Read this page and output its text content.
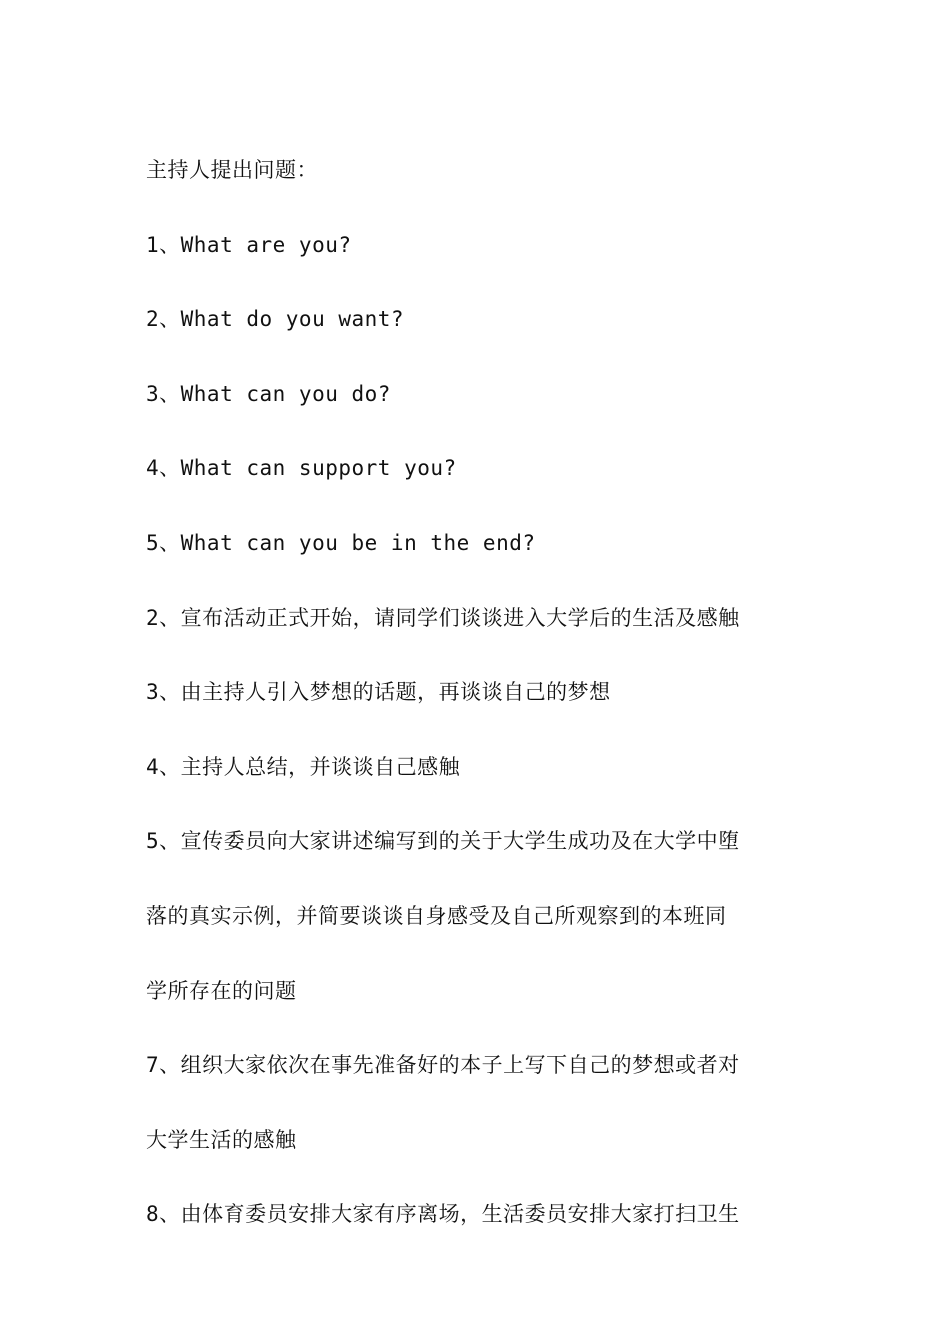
主持人提出问题：
1、What are you?
2、What do you want?
3、What can you do?
4、What can support you?
5、What can you be in the end?
2、宣布活动正式开始，请同学们谈谈进入大学后的生活及感触
3、由主持人引入梦想的话题，再谈谈自己的梦想
4、主持人总结，并谈谈自己感触
5、宣传委员向大家讲述编写到的关于大学生成功及在大学中堕
落的真实示例，并简要谈谈自身感受及自己所观察到的本班同
学所存在的问题
7、组织大家依次在事先准备好的本子上写下自己的梦想或者对
大学生活的感触
8、由体育委员安排大家有序离场，生活委员安排大家打扫卫生
